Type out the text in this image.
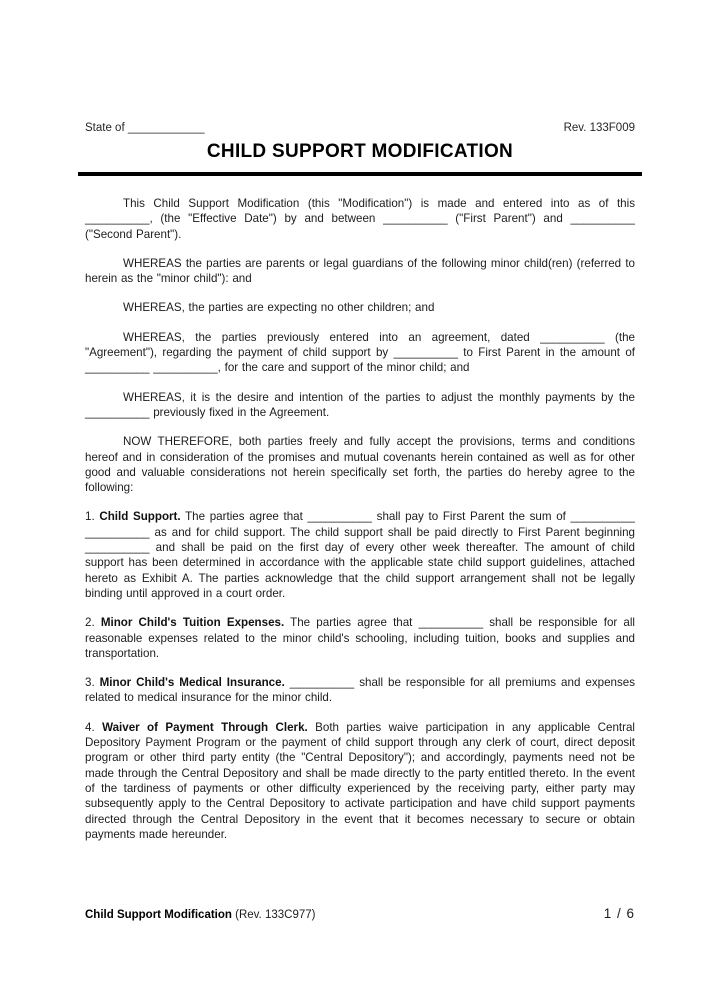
State of ____________	Rev. 133F009
CHILD SUPPORT MODIFICATION

This Child Support Modification (this "Modification") is made and entered into as of this __________, (the "Effective Date") by and between __________ ("First Parent") and __________ ("Second Parent").

WHEREAS the parties are parents or legal guardians of the following minor child(ren) (referred to herein as the "minor child"): and

WHEREAS, the parties are expecting no other children; and

WHEREAS, the parties previously entered into an agreement, dated __________ (the "Agreement"), regarding the payment of child support by __________ to First Parent in the amount of __________ __________, for the care and support of the minor child; and

WHEREAS, it is the desire and intention of the parties to adjust the monthly payments by the __________ previously fixed in the Agreement.

NOW THEREFORE, both parties freely and fully accept the provisions, terms and conditions hereof and in consideration of the promises and mutual covenants herein contained as well as for other good and valuable considerations not herein specifically set forth, the parties do hereby agree to the following:

1. Child Support. The parties agree that __________ shall pay to First Parent the sum of __________ __________ as and for child support. The child support shall be paid directly to First Parent beginning __________ and shall be paid on the first day of every other week thereafter. The amount of child support has been determined in accordance with the applicable state child support guidelines, attached hereto as Exhibit A. The parties acknowledge that the child support arrangement shall not be legally binding until approved in a court order.

2. Minor Child's Tuition Expenses. The parties agree that __________ shall be responsible for all reasonable expenses related to the minor child's schooling, including tuition, books and supplies and transportation.

3. Minor Child's Medical Insurance. __________ shall be responsible for all premiums and expenses related to medical insurance for the minor child.

4. Waiver of Payment Through Clerk. Both parties waive participation in any applicable Central Depository Payment Program or the payment of child support through any clerk of court, direct deposit program or other third party entity (the "Central Depository"); and accordingly, payments need not be made through the Central Depository and shall be made directly to the party entitled thereto. In the event of the tardiness of payments or other difficulty experienced by the receiving party, either party may subsequently apply to the Central Depository to activate participation and have child support payments directed through the Central Depository in the event that it becomes necessary to secure or obtain payments made hereunder.

Child Support Modification (Rev. 133C977)	1 / 6
